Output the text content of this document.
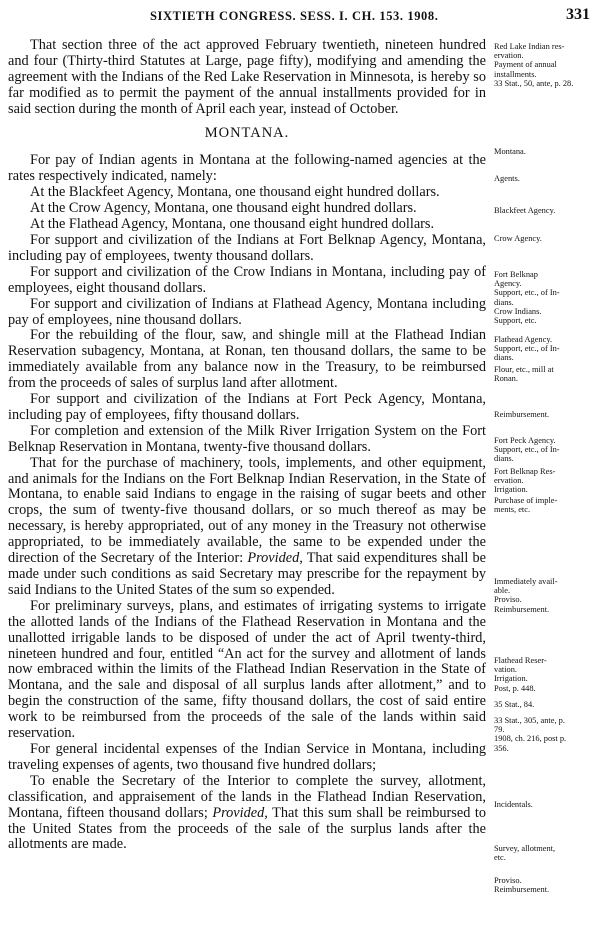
SIXTIETH CONGRESS. SESS. I. CH. 153. 1908.	331

That section three of the act approved February twentieth, nineteen hundred and four (Thirty-third Statutes at Large, page fifty), modifying and amending the agreement with the Indians of the Red Lake Reservation in Minnesota, is hereby so far modified as to permit the payment of the annual installments provided for in said section during the month of April each year, instead of October.

MONTANA.

For pay of Indian agents in Montana at the following-named agencies at the rates respectively indicated, namely:

At the Blackfeet Agency, Montana, one thousand eight hundred dollars.

At the Crow Agency, Montana, one thousand eight hundred dollars.

At the Flathead Agency, Montana, one thousand eight hundred dollars.

For support and civilization of the Indians at Fort Belknap Agency, Montana, including pay of employees, twenty thousand dollars.

For support and civilization of the Crow Indians in Montana, including pay of employees, eight thousand dollars.

For support and civilization of Indians at Flathead Agency, Montana including pay of employees, nine thousand dollars.

For the rebuilding of the flour, saw, and shingle mill at the Flathead Indian Reservation subagency, Montana, at Ronan, ten thousand dollars, the same to be immediately available from any balance now in the Treasury, to be reimbursed from the proceeds of sales of surplus land after allotment.

For support and civilization of the Indians at Fort Peck Agency, Montana, including pay of employees, fifty thousand dollars.

For completion and extension of the Milk River Irrigation System on the Fort Belknap Reservation in Montana, twenty-five thousand dollars.

That for the purchase of machinery, tools, implements, and other equipment, and animals for the Indians on the Fort Belknap Indian Reservation, in the State of Montana, to enable said Indians to engage in the raising of sugar beets and other crops, the sum of twenty-five thousand dollars, or so much thereof as may be necessary, is hereby appropriated, out of any money in the Treasury not otherwise appropriated, to be immediately available, the same to be expended under the direction of the Secretary of the Interior: Provided, That said expenditures shall be made under such conditions as said Secretary may prescribe for the repayment by said Indians to the United States of the sum so expended.

For preliminary surveys, plans, and estimates of irrigating systems to irrigate the allotted lands of the Indians of the Flathead Reservation in Montana and the unallotted irrigable lands to be disposed of under the act of April twenty-third, nineteen hundred and four, entitled “An act for the survey and allotment of lands now embraced within the limits of the Flathead Indian Reservation in the State of Montana, and the sale and disposal of all surplus lands after allotment,” and to begin the construction of the same, fifty thousand dollars, the cost of said entire work to be reimbursed from the proceeds of the sale of the lands within said reservation.

For general incidental expenses of the Indian Service in Montana, including traveling expenses of agents, two thousand five hundred dollars;

To enable the Secretary of the Interior to complete the survey, allotment, classification, and appraisement of the lands in the Flathead Indian Reservation, Montana, fifteen thousand dollars; Provided, That this sum shall be reimbursed to the United States from the proceeds of the sale of the surplus lands after the allotments are made.

Red Lake Indian res-
ervation.
Payment of annual
installments.
33 Stat., 50, ante, p. 28.
Montana.
Agents.
Blackfeet Agency.
Crow Agency.
Fort Belknap
Agency.
Support, etc., of In-
dians.
Crow Indians.
Support, etc.
Flathead Agency.
Support, etc., of In-
dians.
Flour, etc., mill at
Ronan.
Reimbursement.
Fort Peck Agency.
Support, etc., of In-
dians.
Fort Belknap Res-
ervation.
Irrigation.
Purchase of imple-
ments, etc.
Immediately avail-
able.
Proviso.
Reimbursement.
Flathead Reser-
vation.
Irrigation.
Post, p. 448.
35 Stat., 84.
33 Stat., 305, ante, p.
79.
1908, ch. 216, post p.
356.
Incidentals.
Survey, allotment,
etc.
Proviso.
Reimbursement.
